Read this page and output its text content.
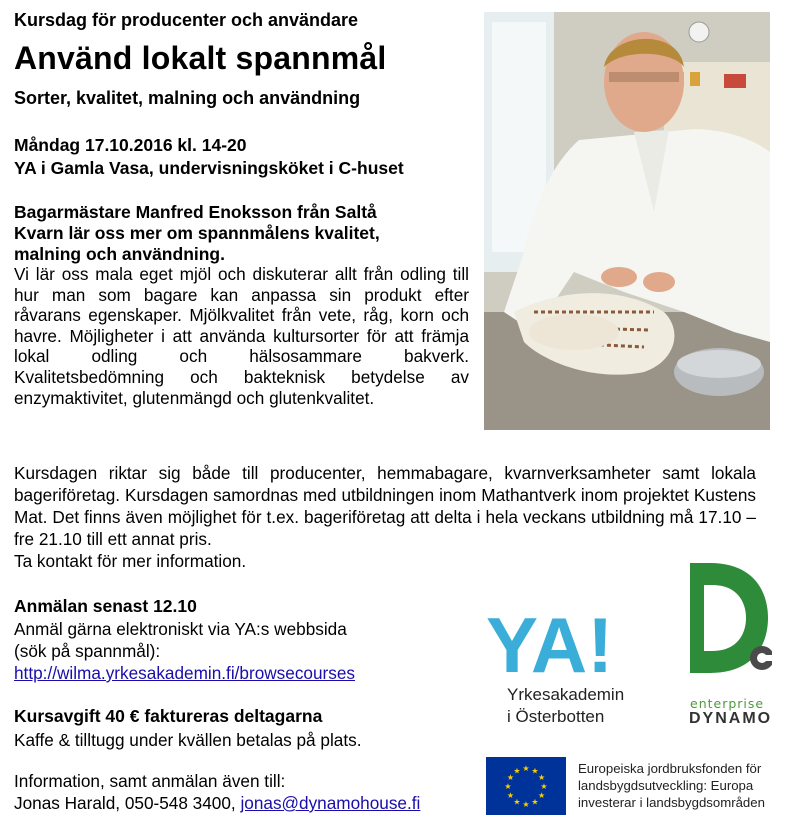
Kursdag för producenter och användare
Använd lokalt spannmål
Sorter, kvalitet, malning och användning
Måndag 17.10.2016 kl. 14-20
YA i Gamla Vasa, undervisningsköket i C-huset
Bagarmästare Manfred Enoksson från Saltå
Kvarn lär oss mer om spannmålens kvalitet,
malning och användning.
Vi lär oss mala eget mjöl och diskuterar allt från odling till hur man som bagare kan anpassa sin produkt efter råvarans egenskaper. Mjölkvalitet från vete, råg, korn och havre. Möjligheter i att använda kultursorter för att främja lokal odling och hälsosammare bakverk. Kvalitetsbedömning och bakteknisk betydelse av enzymaktivitet, glutenmängd och glutenkvalitet.
Kursdagen riktar sig både till producenter, hemmabagare, kvarnverksamheter samt lokala bageriföretag. Kursdagen samordnas med utbildningen inom Mathantverk inom projektet Kustens Mat. Det finns även möjlighet för t.ex. bageriföretag att delta i hela veckans utbildning må 17.10 – fre 21.10 till ett annat pris.
Ta kontakt för mer information.
Anmälan senast 12.10
Anmäl gärna elektroniskt via YA:s webbsida
(sök på spannmål):
http://wilma.yrkesakademin.fi/browsecourses
Kursavgift 40 € faktureras deltagarna
Kaffe & tilltugg under kvällen betalas på plats.
Information, samt anmälan även till:
Jonas Harald, 050-548 3400, jonas@dynamohouse.fi
YA!
Yrkesakademin
i Österbotten
enterprise
DYNAMO
★ ★
★
★
★
★
★
★
★
★
★
★	Europeiska jordbruksfonden för
landsbygdsutveckling: Europa
investerar i landsbygdsområden
